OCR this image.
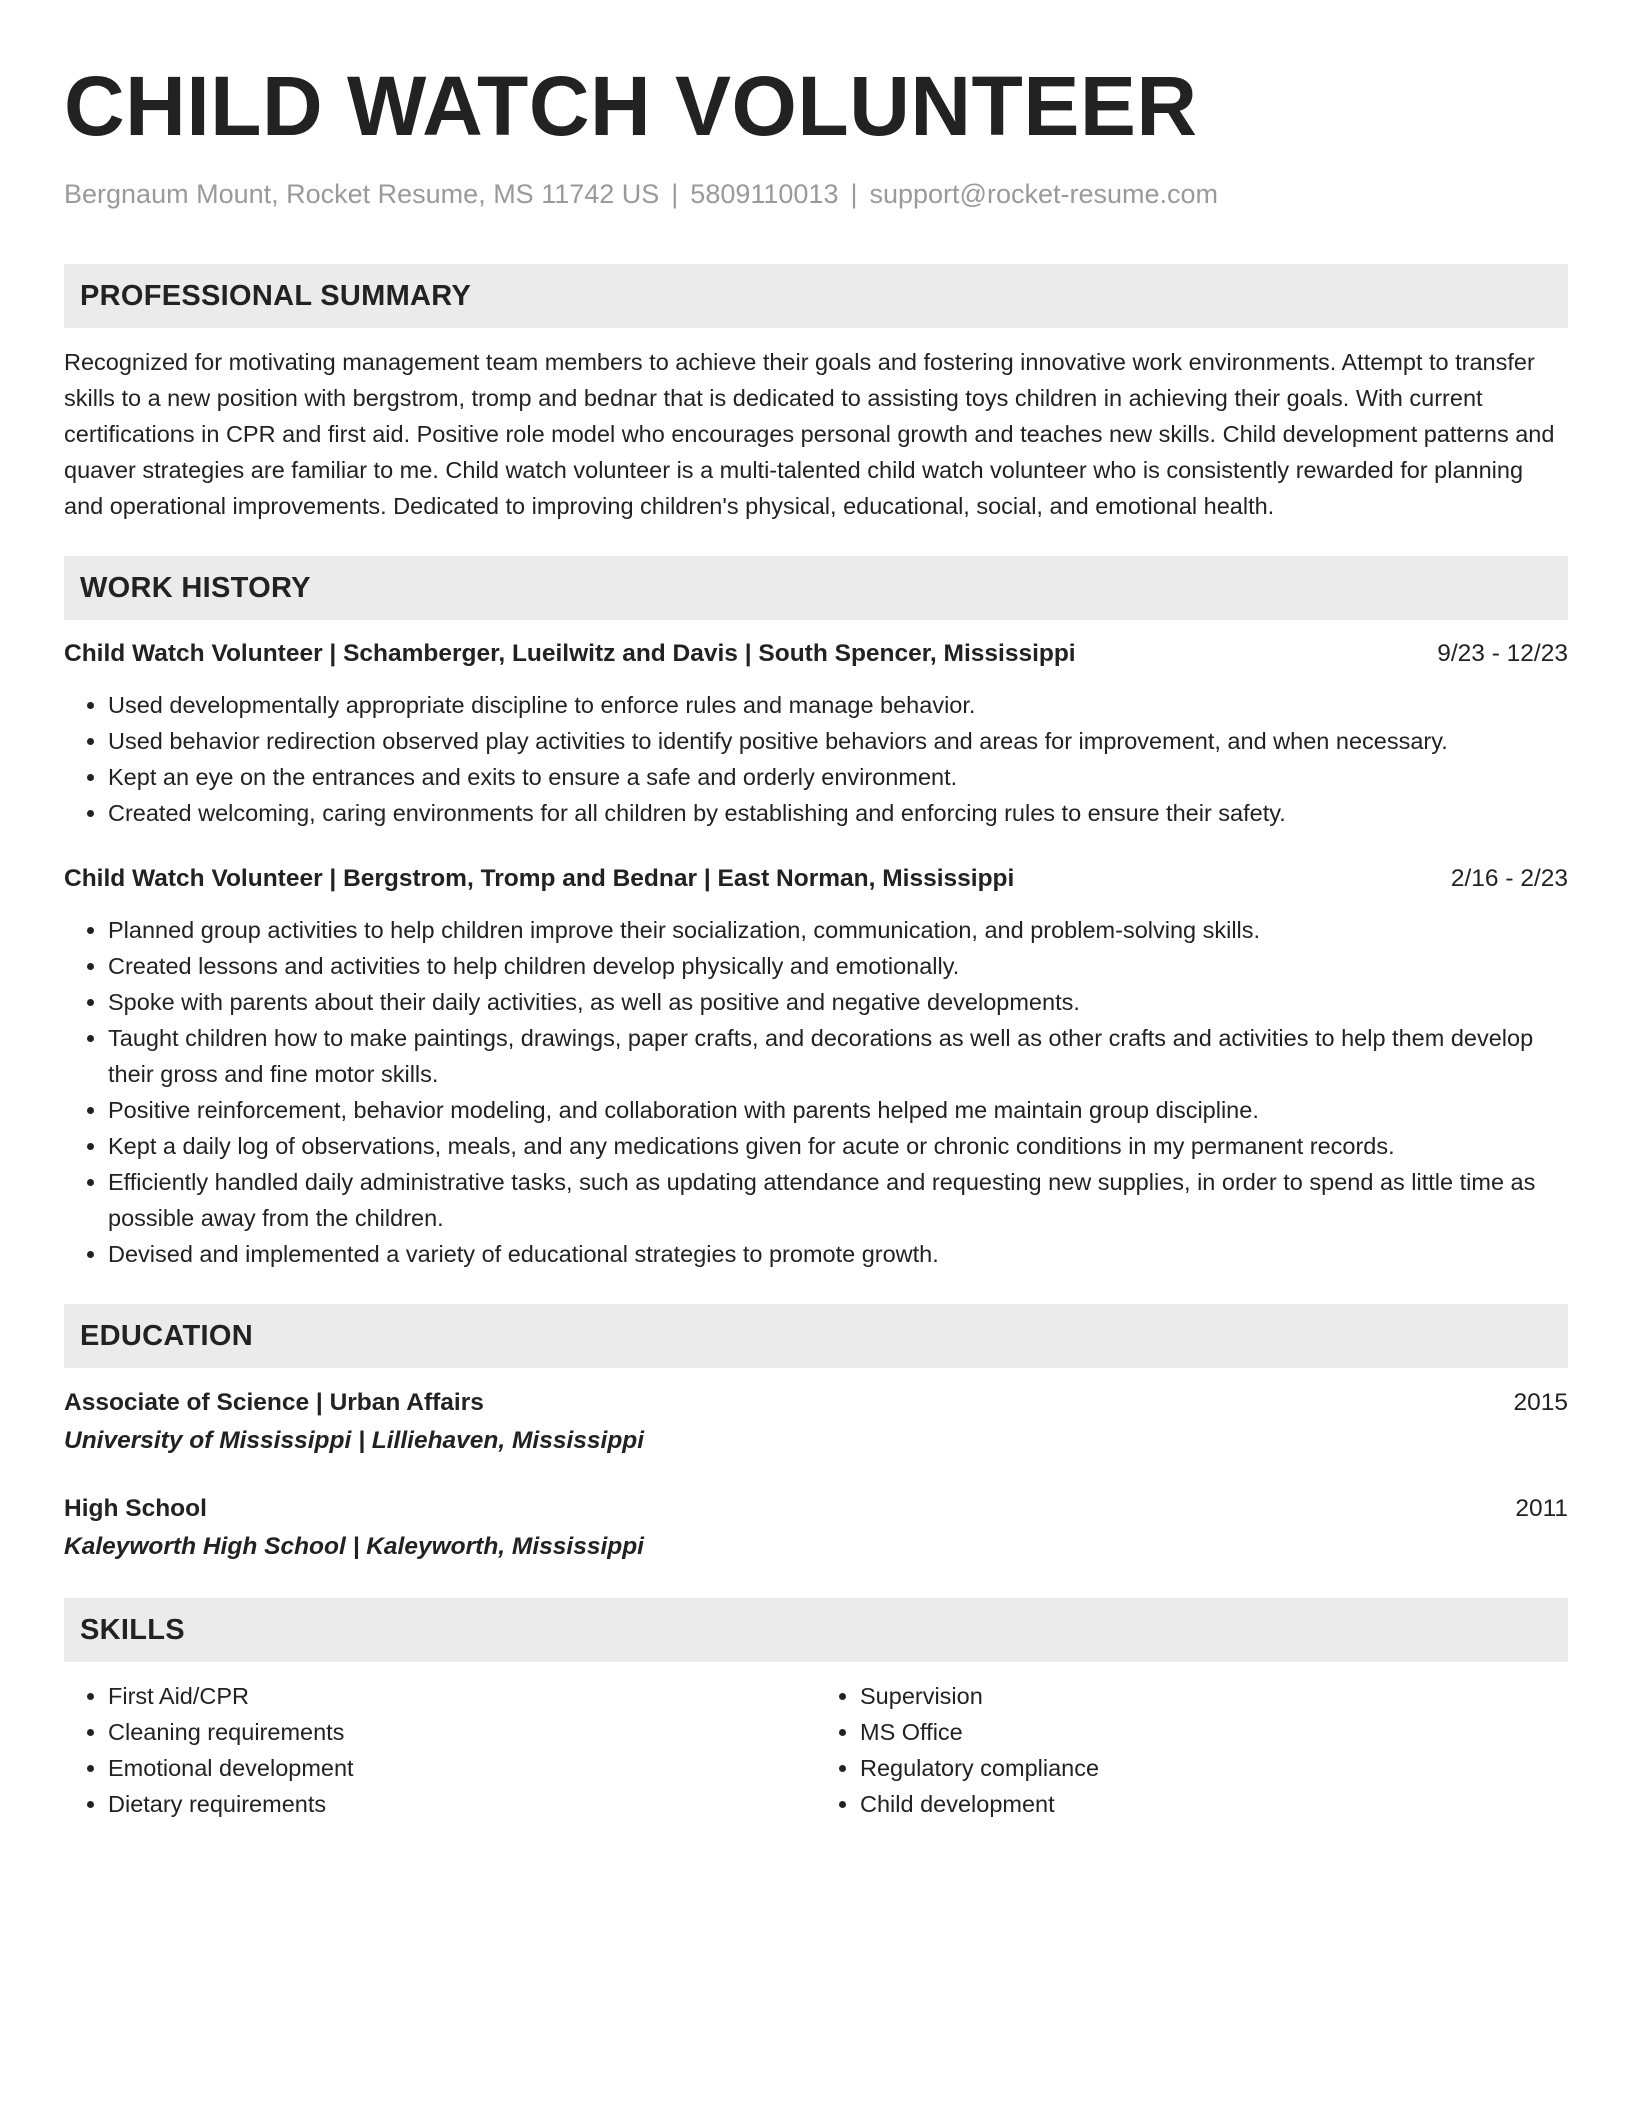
CHILD WATCH VOLUNTEER
Bergnaum Mount, Rocket Resume, MS 11742 US | 5809110013 | support@rocket-resume.com
PROFESSIONAL SUMMARY

Recognized for motivating management team members to achieve their goals and fostering innovative work environments. Attempt to transfer skills to a new position with bergstrom, tromp and bednar that is dedicated to assisting toys children in achieving their goals. With current certifications in CPR and first aid. Positive role model who encourages personal growth and teaches new skills. Child development patterns and quaver strategies are familiar to me. Child watch volunteer is a multi-talented child watch volunteer who is consistently rewarded for planning and operational improvements. Dedicated to improving children's physical, educational, social, and emotional health.

WORK HISTORY
Child Watch Volunteer | Schamberger, Lueilwitz and Davis | South Spencer, Mississippi	9/23 - 12/23
• Used developmentally appropriate discipline to enforce rules and manage behavior.
• Used behavior redirection observed play activities to identify positive behaviors and areas for improvement, and when necessary.
• Kept an eye on the entrances and exits to ensure a safe and orderly environment.
• Created welcoming, caring environments for all children by establishing and enforcing rules to ensure their safety.
Child Watch Volunteer | Bergstrom, Tromp and Bednar | East Norman, Mississippi	2/16 - 2/23
• Planned group activities to help children improve their socialization, communication, and problem-solving skills.
• Created lessons and activities to help children develop physically and emotionally.
• Spoke with parents about their daily activities, as well as positive and negative developments.
• Taught children how to make paintings, drawings, paper crafts, and decorations as well as other crafts and activities to help them develop their gross and fine motor skills.
• Positive reinforcement, behavior modeling, and collaboration with parents helped me maintain group discipline.
• Kept a daily log of observations, meals, and any medications given for acute or chronic conditions in my permanent records.
• Efficiently handled daily administrative tasks, such as updating attendance and requesting new supplies, in order to spend as little time as possible away from the children.
• Devised and implemented a variety of educational strategies to promote growth.
EDUCATION
Associate of Science | Urban Affairs	2015
University of Mississippi | Lilliehaven, Mississippi
High School	2011
Kaleyworth High School | Kaleyworth, Mississippi
SKILLS
• First Aid/CPR
• Cleaning requirements
• Emotional development
• Dietary requirements
• Supervision
• MS Office
• Regulatory compliance
• Child development
